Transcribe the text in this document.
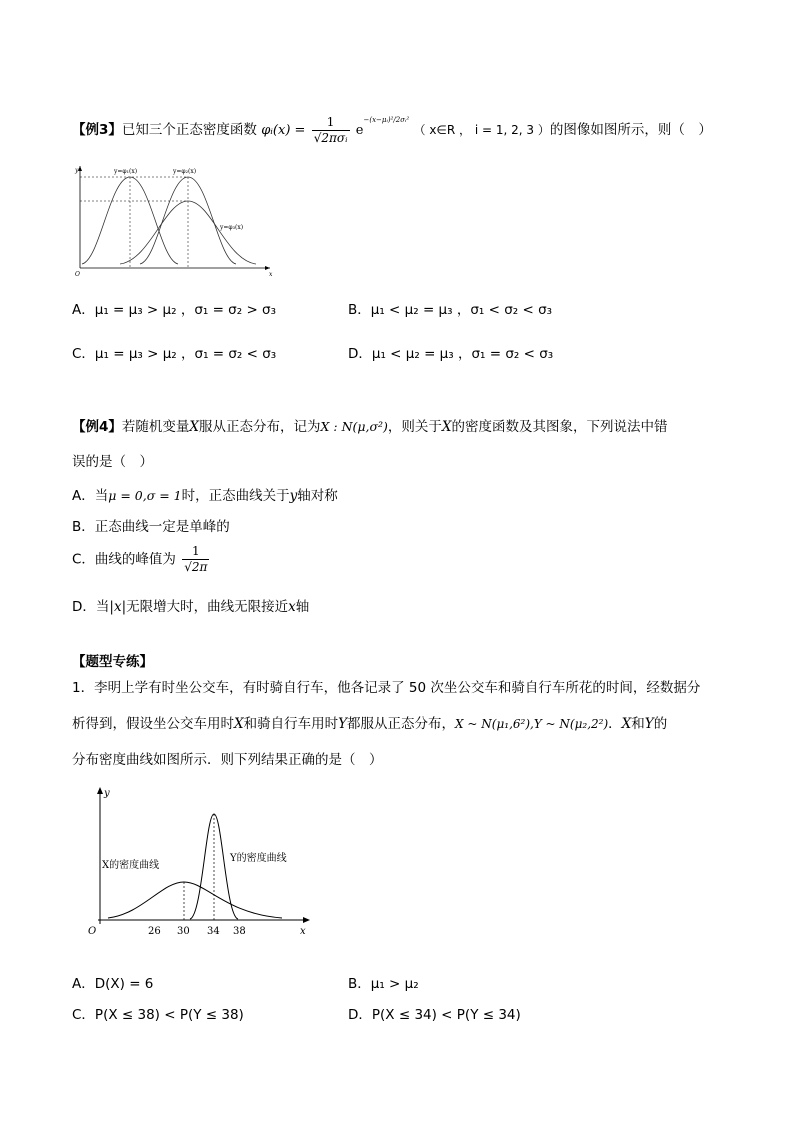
【例3】已知三个正态密度函数 φᵢ(x) = $\frac{1}{\text{√2πσᵢ}} e^{-(x-\mu ᵢ)^2/2\sigma ᵢ^2}$ （ x∈R ， i = 1, 2, 3 ）的图像如图所示，则（　）
y
x
O
y=φ₁(x)	y=φ₂(x)
y=φ₃(x)
A．μ₁ = μ₃ > μ₂ ，σ₁ = σ₂ > σ₃	B．μ₁ < μ₂ = μ₃ ，σ₁ < σ₂ < σ₃
C．μ₁ = μ₃ > μ₂ ，σ₁ = σ₂ < σ₃	D．μ₁ < μ₂ = μ₃ ，σ₁ = σ₂ < σ₃
【例4】若随机变量X服从正态分布，记为X : N(μ,σ²)，则关于X的密度函数及其图象，下列说法中错
误的是（　）
A．当μ = 0,σ = 1时，正态曲线关于y轴对称
B．正态曲线一定是单峰的
C．曲线的峰值为 $\frac{1}{√2\pi}$
D．当|x|无限增大时，曲线无限接近x轴
【题型专练】
1．李明上学有时坐公交车，有时骑自行车，他各记录了 50 次坐公交车和骑自行车所花的时间，经数据分
析得到，假设坐公交车用时X和骑自行车用时Y都服从正态分布，X ~ N(μ₁,6²),Y ~ N(μ₂,2²)．X和Y的
分布密度曲线如图所示．则下列结果正确的是（　）
y
x
O
X的密度曲线
Y的密度曲线
26 30 34 38
A．D(X) = 6	B．μ₁ > μ₂
C．P(X ≤ 38) < P(Y ≤ 38)	D．P(X ≤ 34) < P(Y ≤ 34)
